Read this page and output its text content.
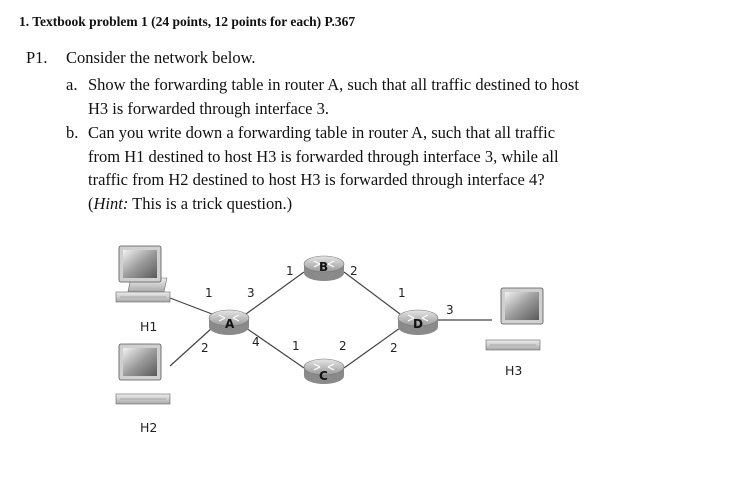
1. Textbook problem 1 (24 points, 12 points for each) P.367
P1. Consider the network below.
a. Show the forwarding table in router A, such that all traffic destined to host
H3 is forwarded through interface 3.
b. Can you write down a forwarding table in router A, such that all traffic
from H1 destined to host H3 is forwarded through interface 3, while all
traffic from H2 destined to host H3 is forwarded through interface 4?
(Hint: This is a trick question.)
H1
H2
H3
A
B
C
D
1	3
2	4
1	2
1	2
1
2
3
